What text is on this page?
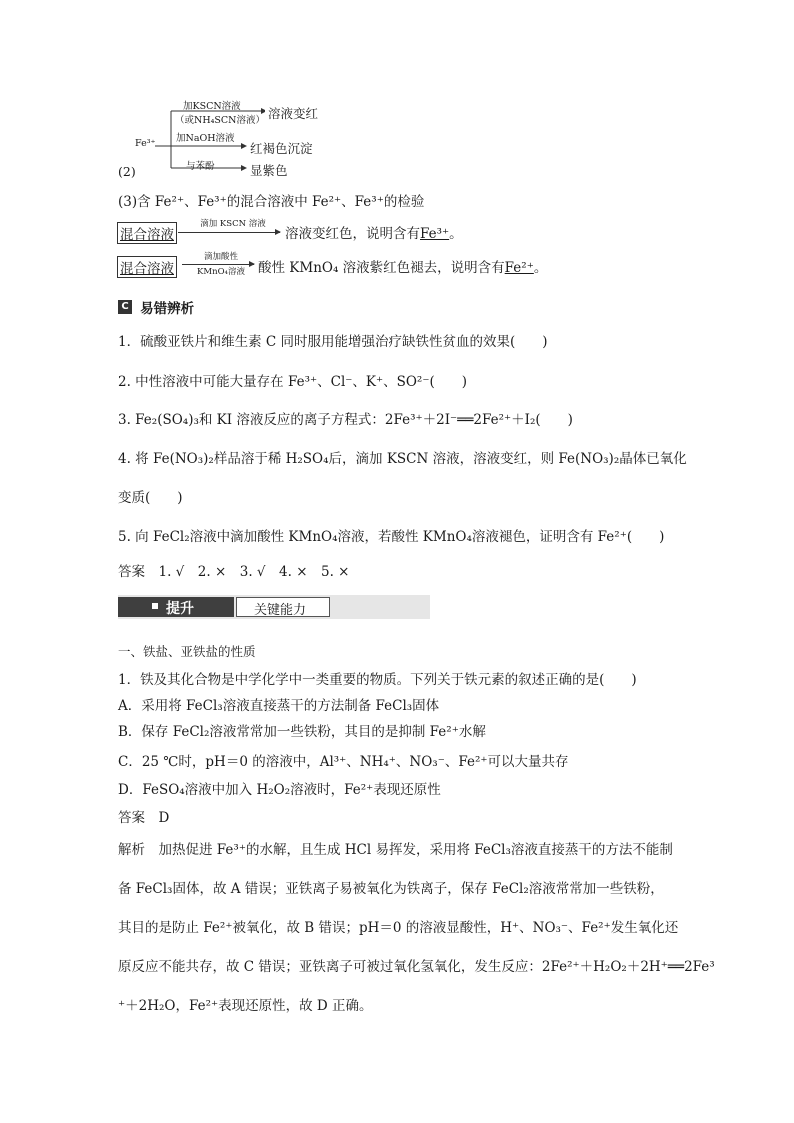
(2)
Fe³⁺
加KSCN溶液
（或NH₄SCN溶液） 溶液变红
加NaOH溶液
红褐色沉淀
与苯酚	显紫色
(3)含 Fe²⁺、Fe³⁺的混合溶液中 Fe²⁺、Fe³⁺的检验
混合溶液
滴加 KSCN 溶液
溶液变红色，说明含有Fe³⁺。
混合溶液
滴加酸性
KMnO₄溶液 酸性 KMnO₄ 溶液紫红色褪去，说明含有Fe²⁺。
C 易错辨析
1．硫酸亚铁片和维生素 C 同时服用能增强治疗缺铁性贫血的效果(　　)
2. 中性溶液中可能大量存在 Fe³⁺、Cl⁻、K⁺、SO²⁻(　　)
3. Fe₂(SO₄)₃和 KI 溶液反应的离子方程式：2Fe³⁺＋2I⁻══2Fe²⁺＋I₂(　　)
4. 将 Fe(NO₃)₂样品溶于稀 H₂SO₄后，滴加 KSCN 溶液，溶液变红，则 Fe(NO₃)₂晶体已氧化
变质(　　)
5. 向 FeCl₂溶液中滴加酸性 KMnO₄溶液，若酸性 KMnO₄溶液褪色，证明含有 Fe²⁺(　　)
答案　1. √　2. ×　3. √　4. ×　5. ×
提升	关键能力
一、铁盐、亚铁盐的性质
1．铁及其化合物是中学化学中一类重要的物质。下列关于铁元素的叙述正确的是(　　)
A．采用将 FeCl₃溶液直接蒸干的方法制备 FeCl₃固体
B．保存 FeCl₂溶液常常加一些铁粉，其目的是抑制 Fe²⁺水解
C．25 ℃时，pH＝0 的溶液中，Al³⁺、NH₄⁺、NO₃⁻、Fe²⁺可以大量共存
D．FeSO₄溶液中加入 H₂O₂溶液时，Fe²⁺表现还原性
答案　D
解析　加热促进 Fe³⁺的水解，且生成 HCl 易挥发，采用将 FeCl₃溶液直接蒸干的方法不能制
备 FeCl₃固体，故 A 错误；亚铁离子易被氧化为铁离子，保存 FeCl₂溶液常常加一些铁粉，
其目的是防止 Fe²⁺被氧化，故 B 错误；pH＝0 的溶液显酸性，H⁺、NO₃⁻、Fe²⁺发生氧化还
原反应不能共存，故 C 错误；亚铁离子可被过氧化氢氧化，发生反应：2Fe²⁺＋H₂O₂＋2H⁺══2Fe³
⁺＋2H₂O，Fe²⁺表现还原性，故 D 正确。
